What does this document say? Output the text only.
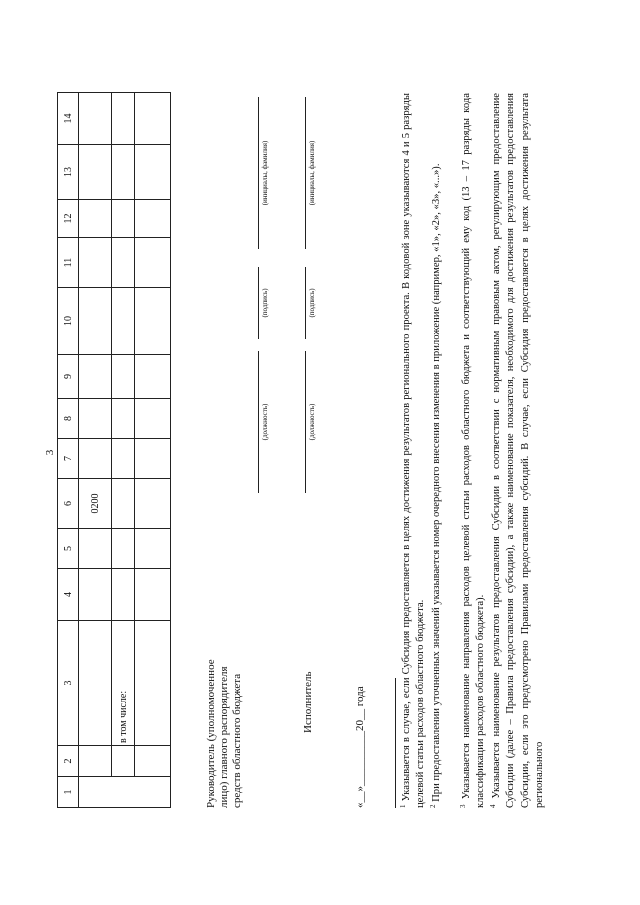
3
1	2	3	4	5	6	7	8	9	10	11	12	13	14
					0200								
		в том числе:											
														Руководитель (уполномоченное лицо) главного распорядителя средств областного бюджета
(должность)
(подпись)
(инициалы, фамилия)
Исполнитель
(должность)
(подпись)
(инициалы, фамилия)
«__»__________20__ года	$^1$ Указывается в случае, если Субсидия предоставляется в целях достижения результатов регионального проекта. В кодовой зоне указываются 4 и 5 разряды целевой статьи расходов областного бюджета. $^2$ При предоставлении уточненных значений указывается номер очередного внесения изменения в приложение (например, «1», «2», «3», «...»).
$^3$ Указывается наименование направления расходов целевой статьи расходов областного бюджета и соответствующий ему код (13 – 17 разряды кода классификации расходов областного бюджета). $^4$ Указывается наименование результатов предоставления Субсидии в соответствии с нормативным правовым актом, регулирующим предоставление Субсидии (далее – Правила предоставления субсидии), а также наименование показателя, необходимого для достижения результатов предоставления Субсидии, если это предусмотрено Правилами предоставления субсидий. В случае, если Субсидия предоставляется в целях достижения результата регионального
